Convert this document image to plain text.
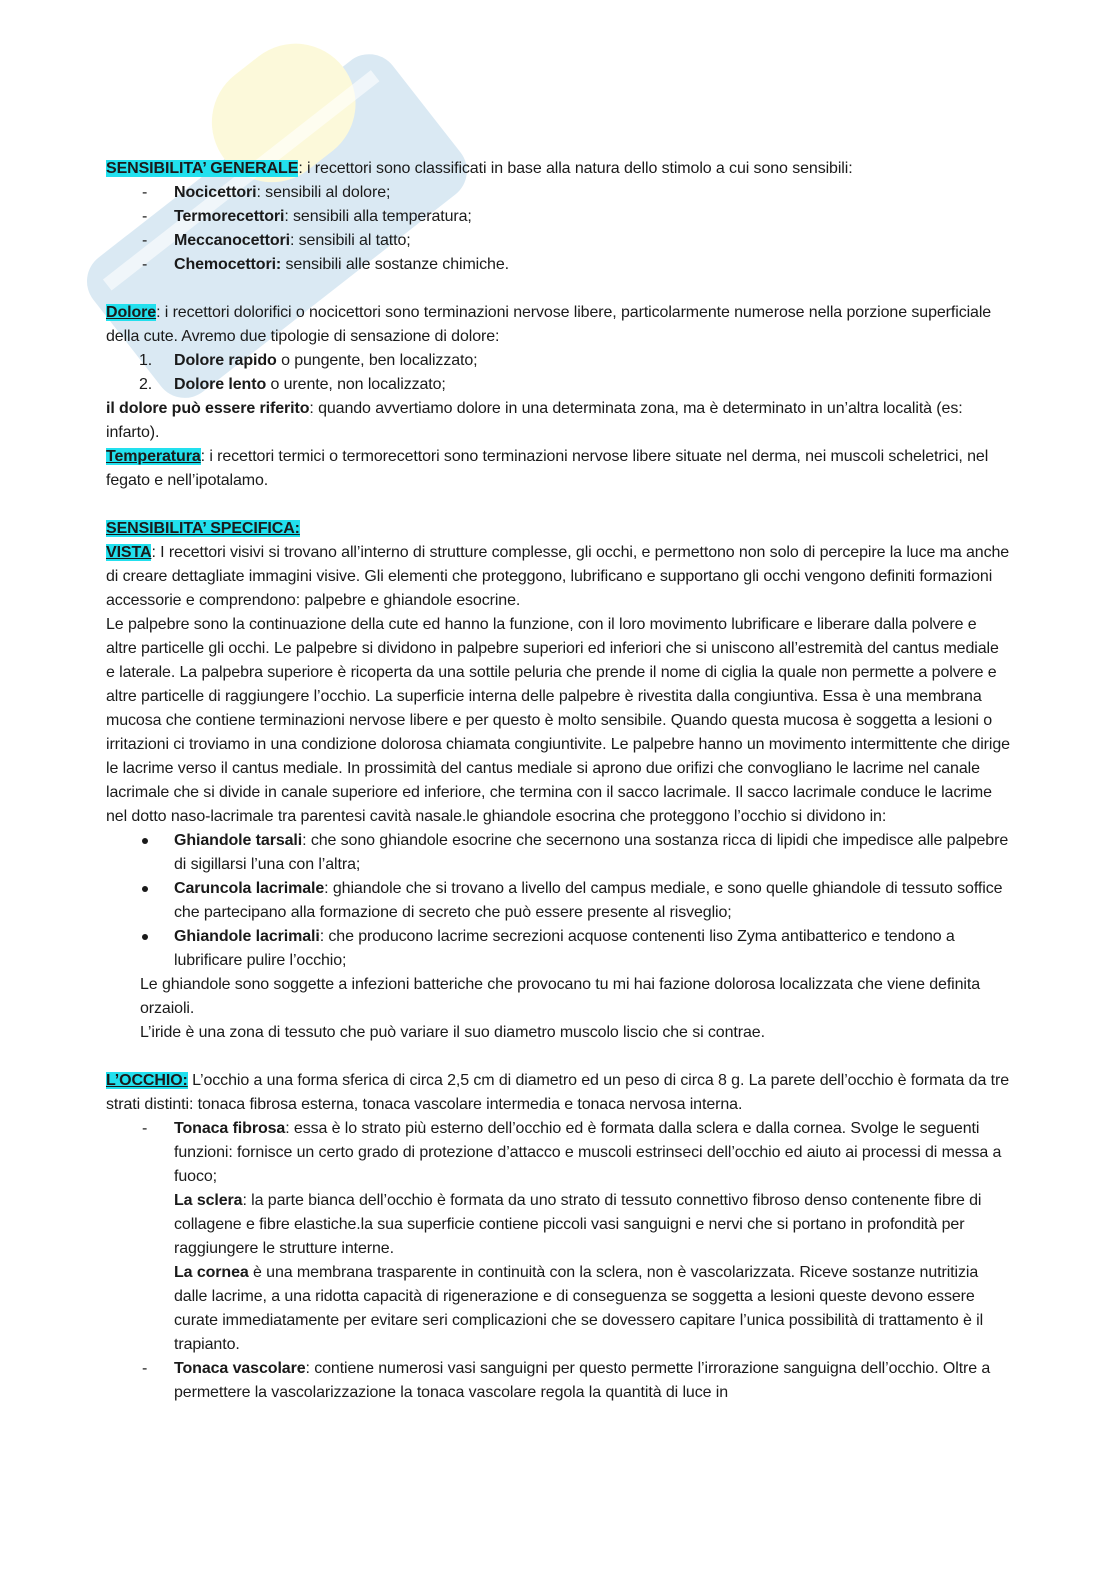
SENSIBILITA’ GENERALE: i recettori sono classificati in base alla natura dello stimolo a cui sono sensibili:

- Nocicettori: sensibili al dolore;
- Termorecettori: sensibili alla temperatura;
- Meccanocettori: sensibili al tatto;
- Chemocettori: sensibili alle sostanze chimiche.

Dolore: i recettori dolorifici o nocicettori sono terminazioni nervose libere, particolarmente numerose nella porzione superficiale della cute. Avremo due tipologie di sensazione di dolore:

1. Dolore rapido o pungente, ben localizzato;
2. Dolore lento o urente, non localizzato;

il dolore può essere riferito: quando avvertiamo dolore in una determinata zona, ma è determinato in un’altra località (es: infarto).

Temperatura: i recettori termici o termorecettori sono terminazioni nervose libere situate nel derma, nei muscoli scheletrici, nel fegato e nell’ipotalamo.

SENSIBILITA’ SPECIFICA:

VISTA: I recettori visivi si trovano all’interno di strutture complesse, gli occhi, e permettono non solo di percepire la luce ma anche di creare dettagliate immagini visive. Gli elementi che proteggono, lubrificano e supportano gli occhi vengono definiti formazioni accessorie e comprendono: palpebre e ghiandole esocrine.

Le palpebre sono la continuazione della cute ed hanno la funzione, con il loro movimento lubrificare e liberare dalla polvere e altre particelle gli occhi. Le palpebre si dividono in palpebre superiori ed inferiori che si uniscono all’estremità del cantus mediale e laterale. La palpebra superiore è ricoperta da una sottile peluria che prende il nome di ciglia la quale non permette a polvere e altre particelle di raggiungere l’occhio. La superficie interna delle palpebre è rivestita dalla congiuntiva. Essa è una membrana mucosa che contiene terminazioni nervose libere e per questo è molto sensibile. Quando questa mucosa è soggetta a lesioni o irritazioni ci troviamo in una condizione dolorosa chiamata congiuntivite. Le palpebre hanno un movimento intermittente che dirige le lacrime verso il cantus mediale. In prossimità del cantus mediale si aprono due orifizi che convogliano le lacrime nel canale lacrimale che si divide in canale superiore ed inferiore, che termina con il sacco lacrimale. Il sacco lacrimale conduce le lacrime nel dotto naso-lacrimale tra parentesi cavità nasale.le ghiandole esocrina che proteggono l’occhio si dividono in:

Ghiandole tarsali: che sono ghiandole esocrine che secernono una sostanza ricca di lipidi che impedisce alle palpebre di sigillarsi l’una con l’altra;
Caruncola lacrimale: ghiandole che si trovano a livello del campus mediale, e sono quelle ghiandole di tessuto soffice che partecipano alla formazione di secreto che può essere presente al risveglio;
Ghiandole lacrimali: che producono lacrime secrezioni acquose contenenti liso Zyma antibatterico e tendono a lubrificare pulire l’occhio;

Le ghiandole sono soggette a infezioni batteriche che provocano tu mi hai fazione dolorosa localizzata che viene definita orzaioli.

L’iride è una zona di tessuto che può variare il suo diametro muscolo liscio che si contrae.

L’OCCHIO: L’occhio a una forma sferica di circa 2,5 cm di diametro ed un peso di circa 8 g. La parete dell’occhio è formata da tre strati distinti: tonaca fibrosa esterna, tonaca vascolare intermedia e tonaca nervosa interna.

- Tonaca fibrosa: essa è lo strato più esterno dell’occhio ed è formata dalla sclera e dalla cornea. Svolge le seguenti funzioni: fornisce un certo grado di protezione d’attacco e muscoli estrinseci dell’occhio ed aiuto ai processi di messa a fuoco;

La sclera: la parte bianca dell’occhio è formata da uno strato di tessuto connettivo fibroso denso contenente fibre di collagene e fibre elastiche.la sua superficie contiene piccoli vasi sanguigni e nervi che si portano in profondità per raggiungere le strutture interne.

La cornea è una membrana trasparente in continuità con la sclera, non è vascolarizzata. Riceve sostanze nutritizia dalle lacrime, a una ridotta capacità di rigenerazione e di conseguenza se soggetta a lesioni queste devono essere curate immediatamente per evitare seri complicazioni che se dovessero capitare l’unica possibilità di trattamento è il trapianto.

- Tonaca vascolare: contiene numerosi vasi sanguigni per questo permette l’irrorazione sanguigna dell’occhio. Oltre a permettere la vascolarizzazione la tonaca vascolare regola la quantità di luce in
